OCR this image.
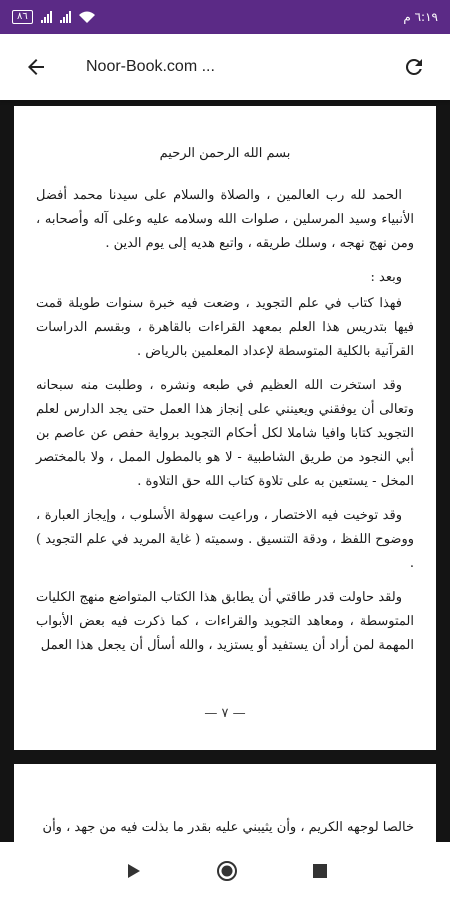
٨٦	٦:١٩ م
Noor-Book.com ...
بسم الله الرحمن الرحيم

الحمد لله رب العالمين ، والصلاة والسلام على سيدنا محمد أفضل الأنبياء وسيد المرسلين ، صلوات الله وسلامه عليه وعلى آله وأصحابه ، ومن نهج نهجه ، وسلك طريقه ، واتبع هديه إلى يوم الدين .

وبعد :

فهذا كتاب في علم التجويد ، وضعت فيه خبرة سنوات طويلة قمت فيها بتدريس هذا العلم بمعهد القراءات بالقاهرة ، وبقسم الدراسات القرآنية بالكلية المتوسطة لإعداد المعلمين بالرياض .

وقد استخرت الله العظيم في طبعه ونشره ، وطلبت منه سبحانه وتعالى أن يوفقني ويعينني على إنجاز هذا العمل حتى يجد الدارس لعلم التجويد كتابا وافيا شاملا لكل أحكام التجويد برواية حفص عن عاصم بن أبي النجود من طريق الشاطبية - لا هو بالمطول الممل ، ولا بالمختصر المخل - يستعين به على تلاوة كتاب الله حق التلاوة .

وقد توخيت فيه الاختصار ، وراعيت سهولة الأسلوب ، وإيجاز العبارة ، ووضوح اللفظ ، ودقة التنسيق . وسميته ( غاية المريد في علم التجويد ) .

ولقد حاولت قدر طاقتي أن يطابق هذا الكتاب المتواضع منهج الكليات المتوسطة ، ومعاهد التجويد والقراءات ، كما ذكرت فيه بعض الأبواب المهمة لمن أراد أن يستفيد أو يستزيد ، والله أسأل أن يجعل هذا العمل

— ٧ —

خالصا لوجهه الكريم ، وأن يثيبني عليه بقدر ما بذلت فيه من جهد ، وأن
